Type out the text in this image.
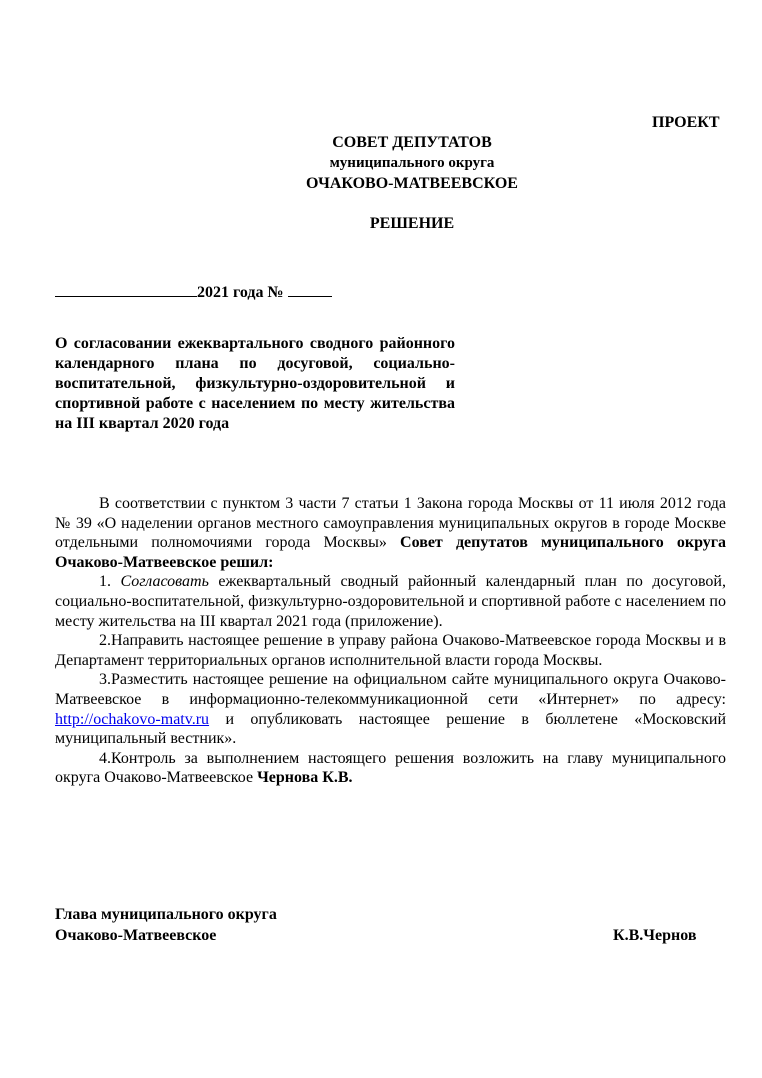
ПРОЕКТ
СОВЕТ ДЕПУТАТОВ
муниципального округа
ОЧАКОВО-МАТВЕЕВСКОЕ
РЕШЕНИЕ
2021 года №
О согласовании ежеквартального сводного районного календарного плана по досуговой, социально-воспитательной, физкультурно-оздоровительной и спортивной работе с населением по месту жительства на III квартал 2020 года

В соответствии с пунктом 3 части 7 статьи 1 Закона города Москвы от 11 июля 2012 года № 39 «О наделении органов местного самоуправления муниципальных округов в городе Москве отдельными полномочиями города Москвы» Совет депутатов муниципального округа Очаково-Матвеевское решил:

1. Согласовать ежеквартальный сводный районный календарный план по досуговой, социально-воспитательной, физкультурно-оздоровительной и спортивной работе с населением по месту жительства на III квартал 2021 года (приложение).

2.Направить настоящее решение в управу района Очаково-Матвеевское города Москвы и в Департамент территориальных органов исполнительной власти города Москвы.

3.Разместить настоящее решение на официальном сайте муниципального округа Очаково-Матвеевское в информационно-телекоммуникационной сети «Интернет» по адресу: http://ochakovo-matv.ru и опубликовать настоящее решение в бюллетене «Московский муниципальный вестник».

4.Контроль за выполнением настоящего решения возложить на главу муниципального округа Очаково-Матвеевское Чернова К.В.

Глава муниципального округа
Очаково-Матвеевское	К.В.Чернов
